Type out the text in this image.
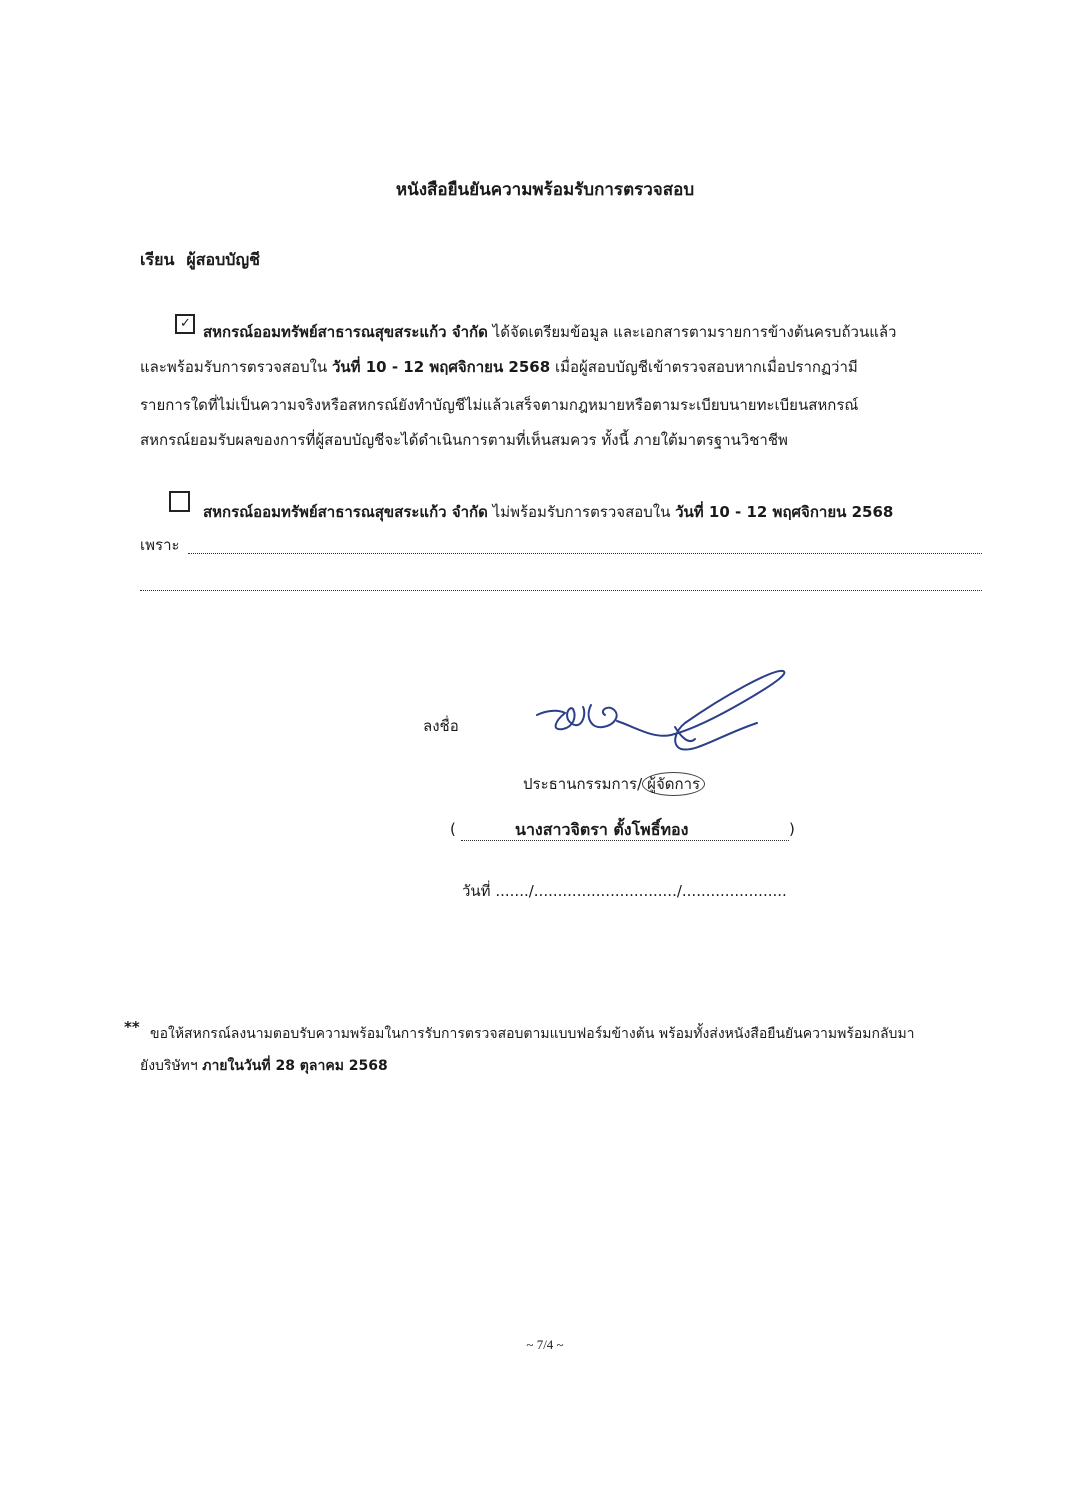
หนังสือยืนยันความพร้อมรับการตรวจสอบ
เรียน ผู้สอบบัญชี
✓ สหกรณ์ออมทรัพย์สาธารณสุขสระแก้ว จำกัด ได้จัดเตรียมข้อมูล และเอกสารตามรายการข้างต้นครบถ้วนแล้ว
และพร้อมรับการตรวจสอบใน วันที่ 10 - 12 พฤศจิกายน 2568 เมื่อผู้สอบบัญชีเข้าตรวจสอบหากเมื่อปรากฏว่ามี
รายการใดที่ไม่เป็นความจริงหรือสหกรณ์ยังทำบัญชีไม่แล้วเสร็จตามกฎหมายหรือตามระเบียบนายทะเบียนสหกรณ์
สหกรณ์ยอมรับผลของการที่ผู้สอบบัญชีจะได้ดำเนินการตามที่เห็นสมควร ทั้งนี้ ภายใต้มาตรฐานวิชาชีพ
สหกรณ์ออมทรัพย์สาธารณสุขสระแก้ว จำกัด ไม่พร้อมรับการตรวจสอบใน วันที่ 10 - 12 พฤศจิกายน 2568
เพราะ
ลงชื่อ
ประธานกรรมการ/ ผู้จัดการ
(	นางสาวจิตรา ตั้งโพธิ์ทอง	)
วันที่ ......./............................../......................
** ขอให้สหกรณ์ลงนามตอบรับความพร้อมในการรับการตรวจสอบตามแบบฟอร์มข้างต้น พร้อมทั้งส่งหนังสือยืนยันความพร้อมกลับมา
ยังบริษัทฯ ภายในวันที่ 28 ตุลาคม 2568
~ 7/4 ~
